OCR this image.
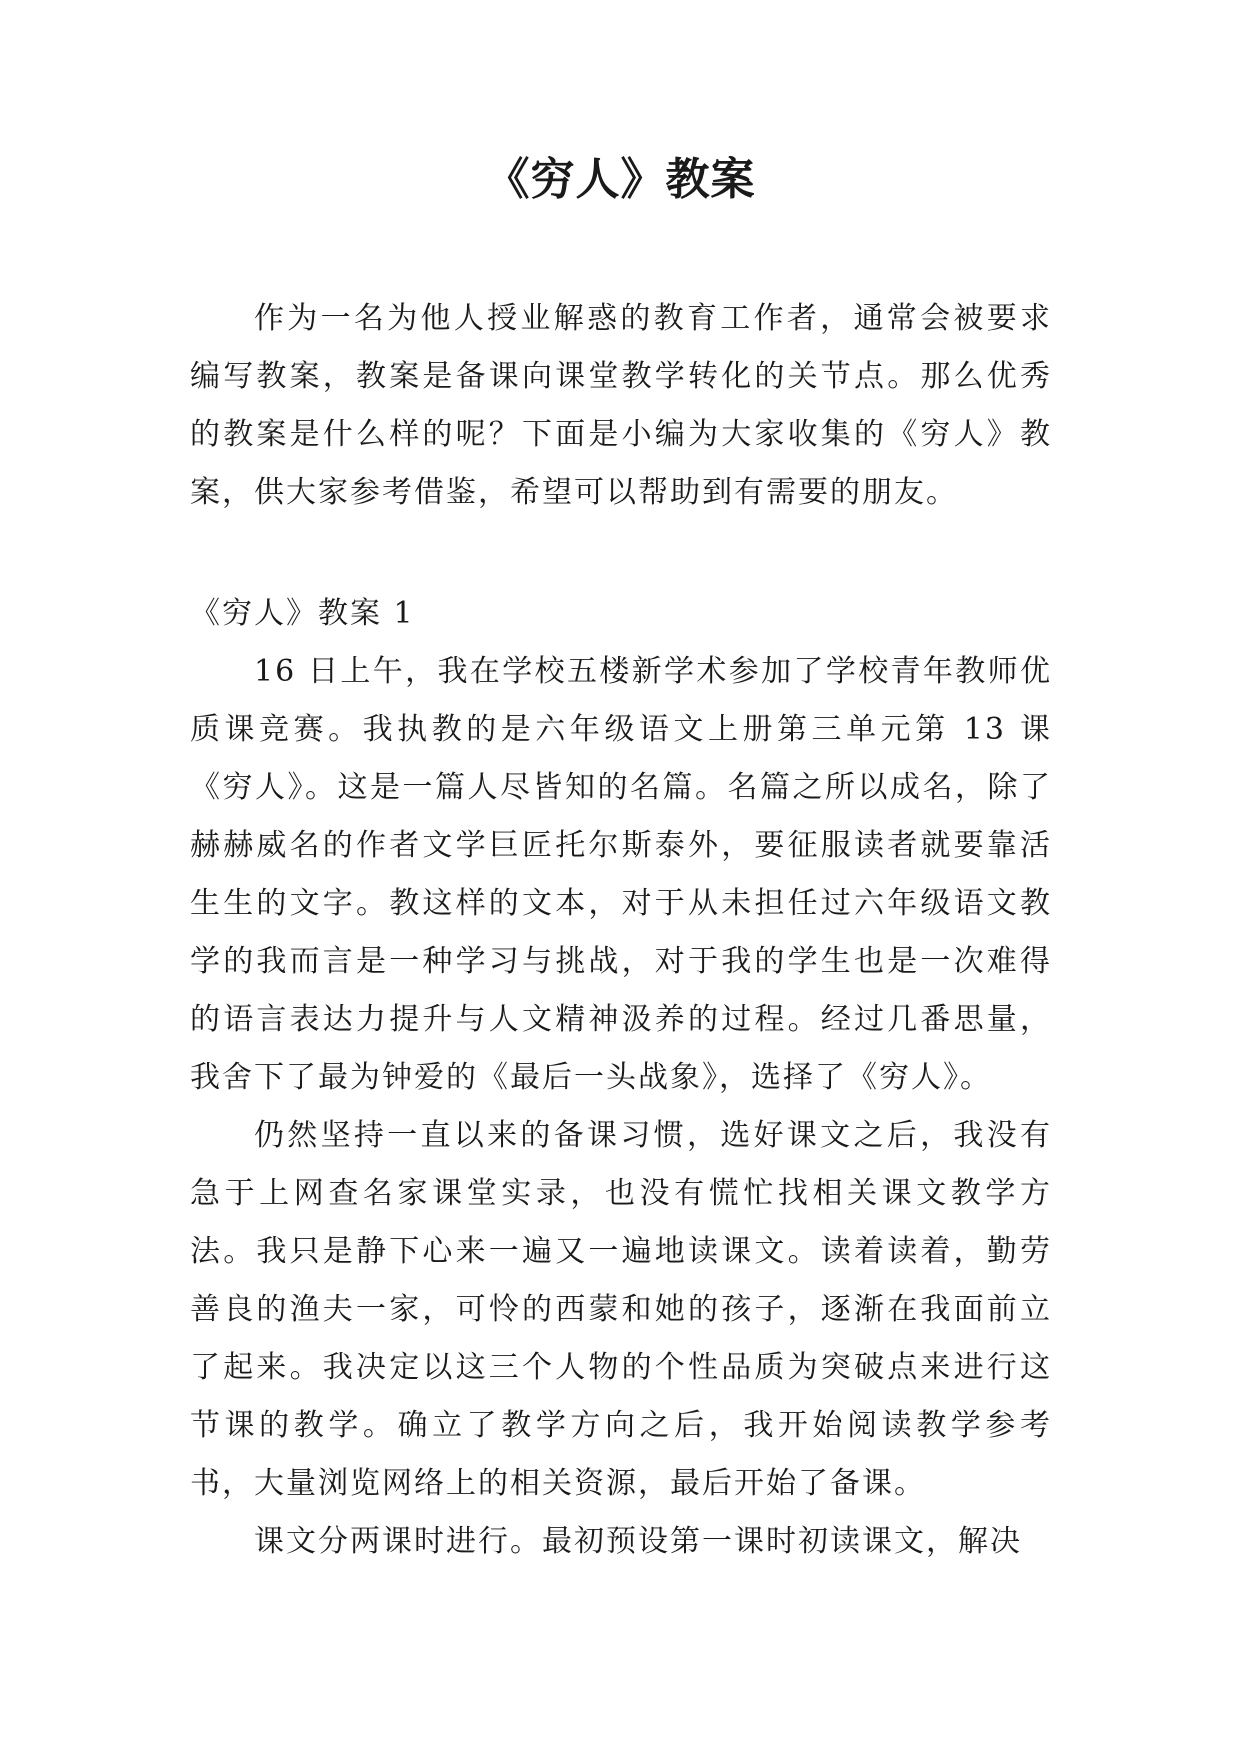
《穷人》教案

作为一名为他人授业解惑的教育工作者，通常会被要求编写教案，教案是备课向课堂教学转化的关节点。那么优秀的教案是什么样的呢？下面是小编为大家收集的《穷人》教案，供大家参考借鉴，希望可以帮助到有需要的朋友。

《穷人》教案 1

16 日上午，我在学校五楼新学术参加了学校青年教师优质课竞赛。我执教的是六年级语文上册第三单元第 13 课《穷人》。这是一篇人尽皆知的名篇。名篇之所以成名，除了赫赫威名的作者文学巨匠托尔斯泰外，要征服读者就要靠活生生的文字。教这样的文本，对于从未担任过六年级语文教学的我而言是一种学习与挑战，对于我的学生也是一次难得的语言表达力提升与人文精神汲养的过程。经过几番思量，我舍下了最为钟爱的《最后一头战象》，选择了《穷人》。

仍然坚持一直以来的备课习惯，选好课文之后，我没有急于上网查名家课堂实录，也没有慌忙找相关课文教学方法。我只是静下心来一遍又一遍地读课文。读着读着，勤劳善良的渔夫一家，可怜的西蒙和她的孩子，逐渐在我面前立了起来。我决定以这三个人物的个性品质为突破点来进行这节课的教学。确立了教学方向之后，我开始阅读教学参考书，大量浏览网络上的相关资源，最后开始了备课。

课文分两课时进行。最初预设第一课时初读课文，解决
